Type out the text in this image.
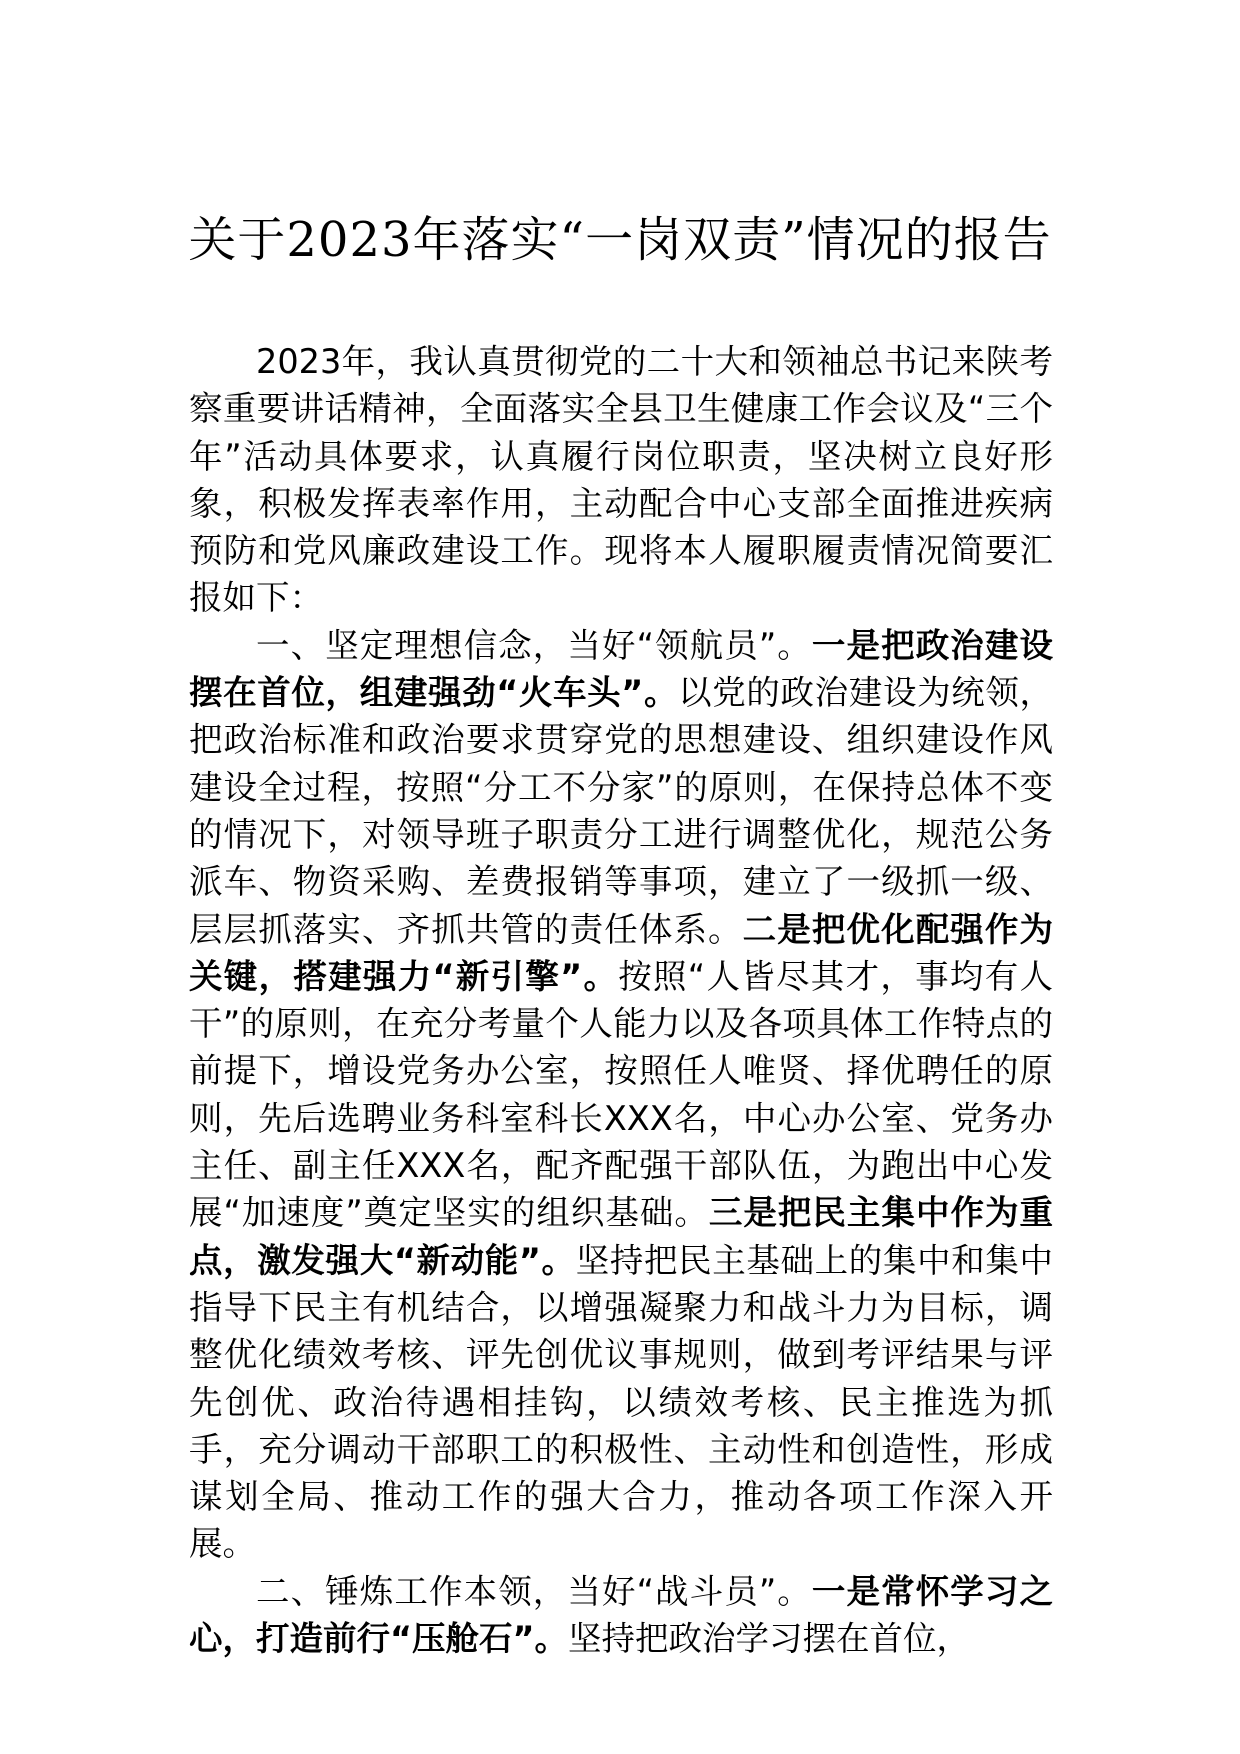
关于2023年落实“一岗双责”情况的报告

2023年，我认真贯彻党的二十大和领袖总书记来陕考察重要讲话精神，全面落实全县卫生健康工作会议及“三个年”活动具体要求，认真履行岗位职责，坚决树立良好形象，积极发挥表率作用，主动配合中心支部全面推进疾病预防和党风廉政建设工作。现将本人履职履责情况简要汇报如下：

一、坚定理想信念，当好“领航员”。一是把政治建设摆在首位，组建强劲“火车头”。以党的政治建设为统领，把政治标准和政治要求贯穿党的思想建设、组织建设作风建设全过程，按照“分工不分家”的原则，在保持总体不变的情况下，对领导班子职责分工进行调整优化，规范公务派车、物资采购、差费报销等事项，建立了一级抓一级、层层抓落实、齐抓共管的责任体系。二是把优化配强作为关键，搭建强力“新引擎”。按照“人皆尽其才，事均有人干”的原则，在充分考量个人能力以及各项具体工作特点的前提下，增设党务办公室，按照任人唯贤、择优聘任的原则，先后选聘业务科室科长XXX名，中心办公室、党务办主任、副主任XXX名，配齐配强干部队伍，为跑出中心发展“加速度”奠定坚实的组织基础。三是把民主集中作为重点，激发强大“新动能”。坚持把民主基础上的集中和集中指导下民主有机结合，以增强凝聚力和战斗力为目标，调整优化绩效考核、评先创优议事规则，做到考评结果与评先创优、政治待遇相挂钩，以绩效考核、民主推选为抓手，充分调动干部职工的积极性、主动性和创造性，形成谋划全局、推动工作的强大合力，推动各项工作深入开展。

二、锤炼工作本领，当好“战斗员”。一是常怀学习之心，打造前行“压舱石”。坚持把政治学习摆在首位，
